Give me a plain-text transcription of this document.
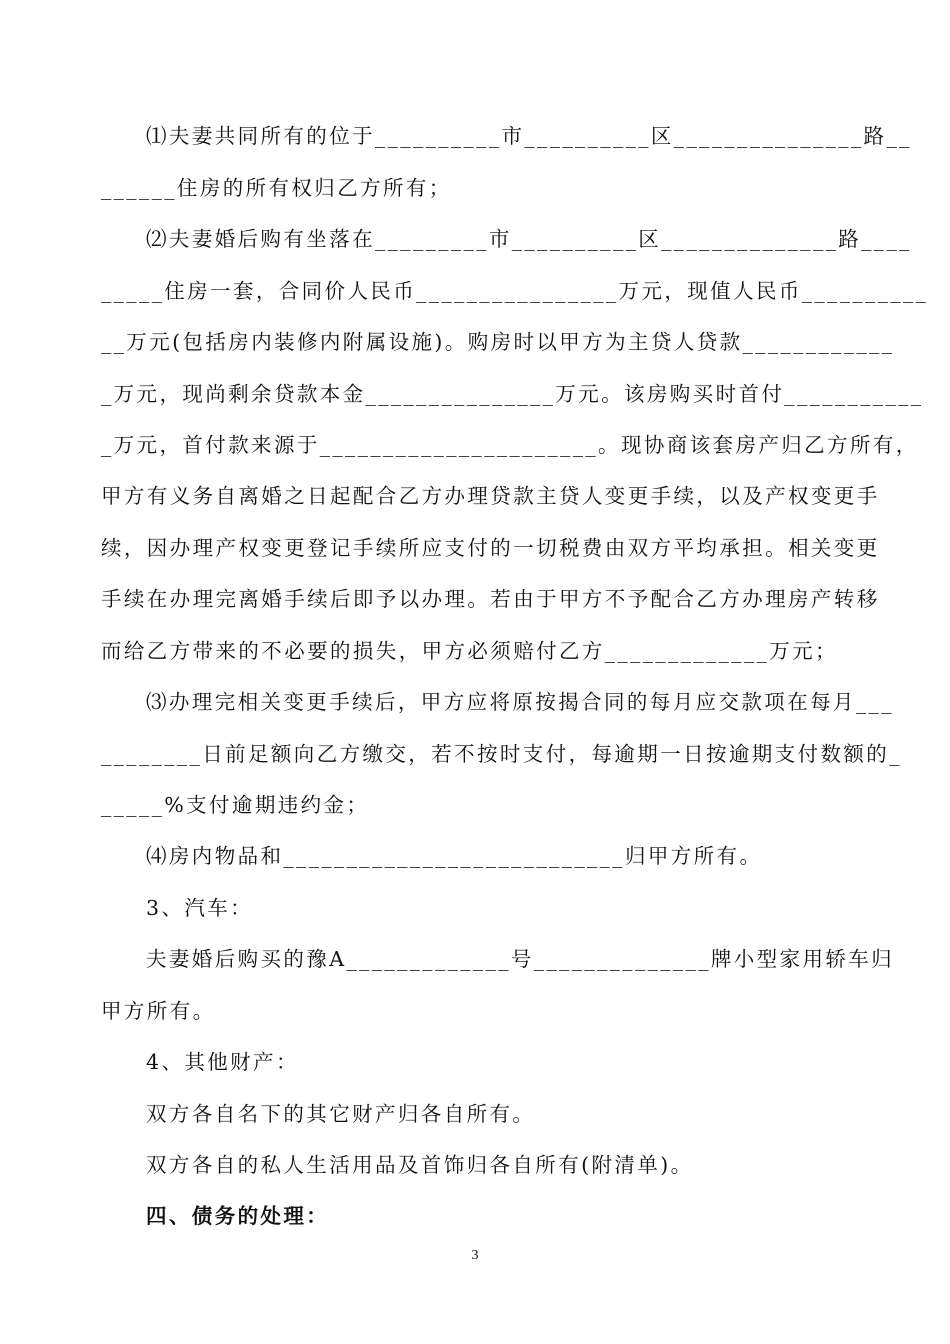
⑴夫妻共同所有的位于__________市__________区_______________路__
______住房的所有权归乙方所有；
⑵夫妻婚后购有坐落在_________市__________区______________路____
_____住房一套，合同价人民币________________万元，现值人民币__________
__万元(包括房内装修内附属设施)。购房时以甲方为主贷人贷款____________
_万元，现尚剩余贷款本金_______________万元。该房购买时首付___________
_万元，首付款来源于______________________。现协商该套房产归乙方所有，
甲方有义务自离婚之日起配合乙方办理贷款主贷人变更手续，以及产权变更手
续，因办理产权变更登记手续所应支付的一切税费由双方平均承担。相关变更
手续在办理完离婚手续后即予以办理。若由于甲方不予配合乙方办理房产转移
而给乙方带来的不必要的损失，甲方必须赔付乙方_____________万元；
⑶办理完相关变更手续后，甲方应将原按揭合同的每月应交款项在每月___
________日前足额向乙方缴交，若不按时支付，每逾期一日按逾期支付数额的_
_____%支付逾期违约金；
⑷房内物品和___________________________归甲方所有。
3、汽车：
夫妻婚后购买的豫A_____________号______________牌小型家用轿车归
甲方所有。
4、其他财产：
双方各自名下的其它财产归各自所有。
双方各自的私人生活用品及首饰归各自所有(附清单)。
四、债务的处理：
3
